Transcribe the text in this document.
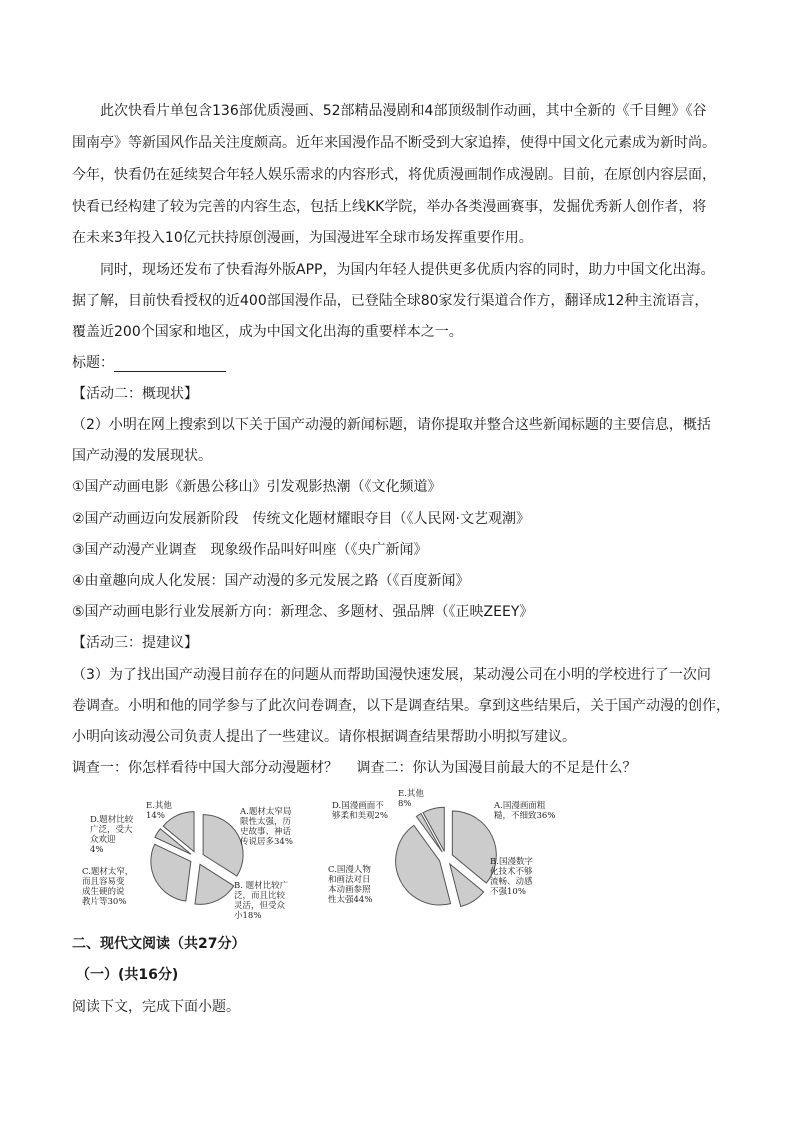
此次快看片单包含136部优质漫画、52部精品漫剧和4部顶级制作动画，其中全新的《千目鲤》《谷
围南亭》等新国风作品关注度颇高。近年来国漫作品不断受到大家追捧，使得中国文化元素成为新时尚。
今年，快看仍在延续契合年轻人娱乐需求的内容形式，将优质漫画制作成漫剧。目前，在原创内容层面，
快看已经构建了较为完善的内容生态，包括上线KK学院，举办各类漫画赛事，发掘优秀新人创作者，将
在未来3年投入10亿元扶持原创漫画，为国漫进军全球市场发挥重要作用。
同时，现场还发布了快看海外版APP，为国内年轻人提供更多优质内容的同时，助力中国文化出海。
据了解，目前快看授权的近400部国漫作品，已登陆全球80家发行渠道合作方，翻译成12种主流语言，
覆盖近200个国家和地区，成为中国文化出海的重要样本之一。
标题：
【活动二：概现状】
（2）小明在网上搜索到以下关于国产动漫的新闻标题，请你提取并整合这些新闻标题的主要信息，概括
国产动漫的发展现状。
①国产动画电影《新愚公移山》引发观影热潮（《文化频道》
②国产动画迈向发展新阶段　传统文化题材耀眼夺目（《人民网·文艺观潮》
③国产动漫产业调查　现象级作品叫好叫座（《央广新闻》
④由童趣向成人化发展：国产动漫的多元发展之路（《百度新闻》
⑤国产动画电影行业发展新方向：新理念、多题材、强品牌（《正映ZEEY》
【活动三：提建议】
（3）为了找出国产动漫目前存在的问题从而帮助国漫快速发展，某动漫公司在小明的学校进行了一次问
卷调查。小明和他的同学参与了此次问卷调查，以下是调查结果。拿到这些结果后，关于国产动漫的创作，
小明向该动漫公司负责人提出了一些建议。请你根据调查结果帮助小明拟写建议。
调查一：你怎样看待中国大部分动漫题材？　 调查二：你认为国漫目前最大的不足是什么？
A.题材太窄局限性太强，历史故事、神话传说居多34%
B. 题材比较广泛，而且比较灵活，但受众小18%
C.题材太窄，而且容易变成生硬的说教片等30%
D.题材比较广泛，受大众欢迎 4%
E.其他 14%
A.国漫画面粗糙，不细致36%
B.国漫数字化技术不够流畅、动感不强10%
C.国漫人物和画法对日本动画参照性太强44%
D.国漫画面不够柔和美观2%
E.其他 8%
二、现代文阅读（共27分）
（一）(共16分)
阅读下文，完成下面小题。
